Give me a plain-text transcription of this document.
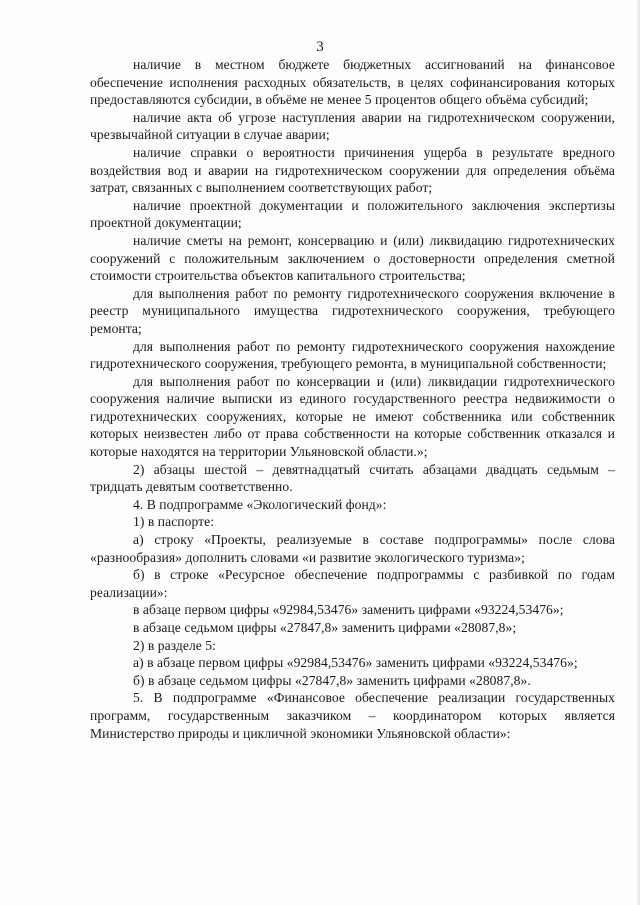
3

наличие в местном бюджете бюджетных ассигнований на финансовое обеспечение исполнения расходных обязательств, в целях софинансирования которых предоставляются субсидии, в объёме не менее 5 процентов общего объёма субсидий;

наличие акта об угрозе наступления аварии на гидротехническом сооружении, чрезвычайной ситуации в случае аварии;

наличие справки о вероятности причинения ущерба в результате вредного воздействия вод и аварии на гидротехническом сооружении для определения объёма затрат, связанных с выполнением соответствующих работ;

наличие проектной документации и положительного заключения экспертизы проектной документации;

наличие сметы на ремонт, консервацию и (или) ликвидацию гидротехнических сооружений с положительным заключением о достоверности определения сметной стоимости строительства объектов капитального строительства;

для выполнения работ по ремонту гидротехнического сооружения включение в реестр муниципального имущества гидротехнического сооружения, требующего ремонта;

для выполнения работ по ремонту гидротехнического сооружения нахождение гидротехнического сооружения, требующего ремонта, в муниципальной собственности;

для выполнения работ по консервации и (или) ликвидации гидротехнического сооружения наличие выписки из единого государственного реестра недвижимости о гидротехнических сооружениях, которые не имеют собственника или собственник которых неизвестен либо от права собственности на которые собственник отказался и которые находятся на территории Ульяновской области.»;

2) абзацы шестой – девятнадцатый считать абзацами двадцать седьмым – тридцать девятым соответственно.

4. В подпрограмме «Экологический фонд»:

1) в паспорте:

а) строку «Проекты, реализуемые в составе подпрограммы» после слова «разнообразия» дополнить словами «и развитие экологического туризма»;

б) в строке «Ресурсное обеспечение подпрограммы с разбивкой по годам реализации»:

в абзаце первом цифры «92984,53476» заменить цифрами «93224,53476»;

в абзаце седьмом цифры «27847,8» заменить цифрами «28087,8»;

2) в разделе 5:

а) в абзаце первом цифры «92984,53476» заменить цифрами «93224,53476»;

б) в абзаце седьмом цифры «27847,8» заменить цифрами «28087,8».

5. В подпрограмме «Финансовое обеспечение реализации государственных программ, государственным заказчиком – координатором которых является Министерство природы и цикличной экономики Ульяновской области»:
